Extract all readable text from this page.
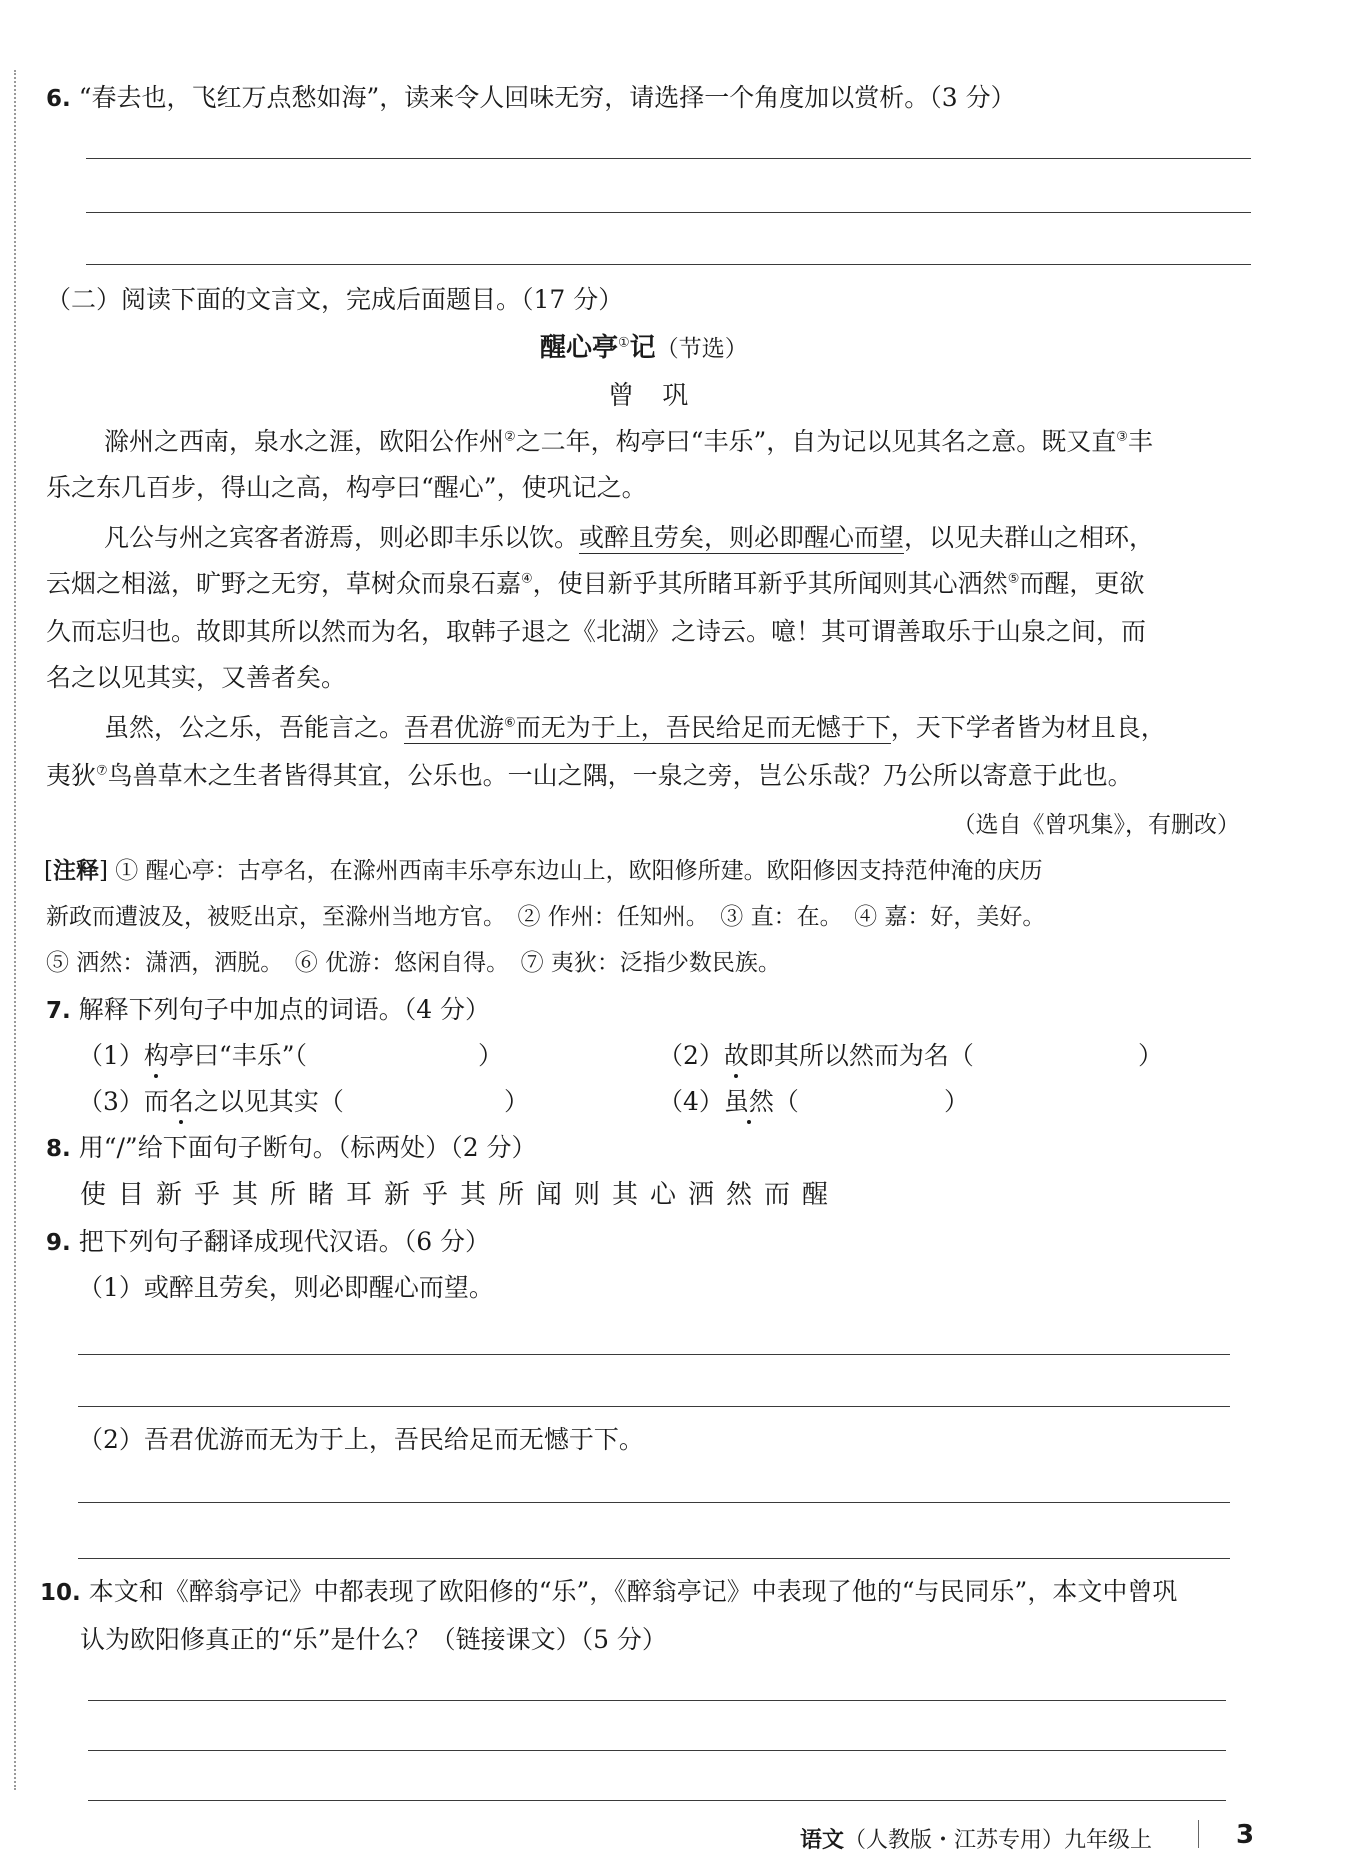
6. “春去也，飞红万点愁如海”，读来令人回味无穷，请选择一个角度加以赏析。（3 分）
（二）阅读下面的文言文，完成后面题目。（17 分）
醒心亭①记（节选）
曾 巩
滁州之西南，泉水之涯，欧阳公作州②之二年，构亭曰“丰乐”，自为记以见其名之意。既又直③丰
乐之东几百步，得山之高，构亭曰“醒心”，使巩记之。
凡公与州之宾客者游焉，则必即丰乐以饮。或醉且劳矣，则必即醒心而望，以见夫群山之相环，
云烟之相滋，旷野之无穷，草树众而泉石嘉④，使目新乎其所睹耳新乎其所闻则其心洒然⑤而醒，更欲
久而忘归也。故即其所以然而为名，取韩子退之《北湖》之诗云。噫！其可谓善取乐于山泉之间，而
名之以见其实，又善者矣。
虽然，公之乐，吾能言之。吾君优游⑥而无为于上，吾民给足而无憾于下，天下学者皆为材且良，
夷狄⑦鸟兽草木之生者皆得其宜，公乐也。一山之隅，一泉之旁，岂公乐哉？乃公所以寄意于此也。
（选自《曾巩集》，有删改）
[注释] ① 醒心亭：古亭名，在滁州西南丰乐亭东边山上，欧阳修所建。欧阳修因支持范仲淹的庆历
新政而遭波及，被贬出京，至滁州当地方官。　② 作州：任知州。　③ 直：在。　④ 嘉：好，美好。
⑤ 洒然：潇洒，洒脱。　⑥ 优游：悠闲自得。　⑦ 夷狄：泛指少数民族。
7. 解释下列句子中加点的词语。（4 分）
（1）构亭曰“丰乐”（	）	（2）故即其所以然而为名（	）
（3）而名之以见其实（	）	（4）虽然（	）
8. 用“/”给下面句子断句。（标两处）（2 分）
使目新乎其所睹耳新乎其所闻则其心洒然而醒
9. 把下列句子翻译成现代汉语。（6 分）
（1）或醉且劳矣，则必即醒心而望。
（2）吾君优游而无为于上，吾民给足而无憾于下。
10. 本文和《醉翁亭记》中都表现了欧阳修的“乐”，《醉翁亭记》中表现了他的“与民同乐”，本文中曾巩
认为欧阳修真正的“乐”是什么？（链接课文）（5 分）
语文（人教版・江苏专用）九年级上	3
